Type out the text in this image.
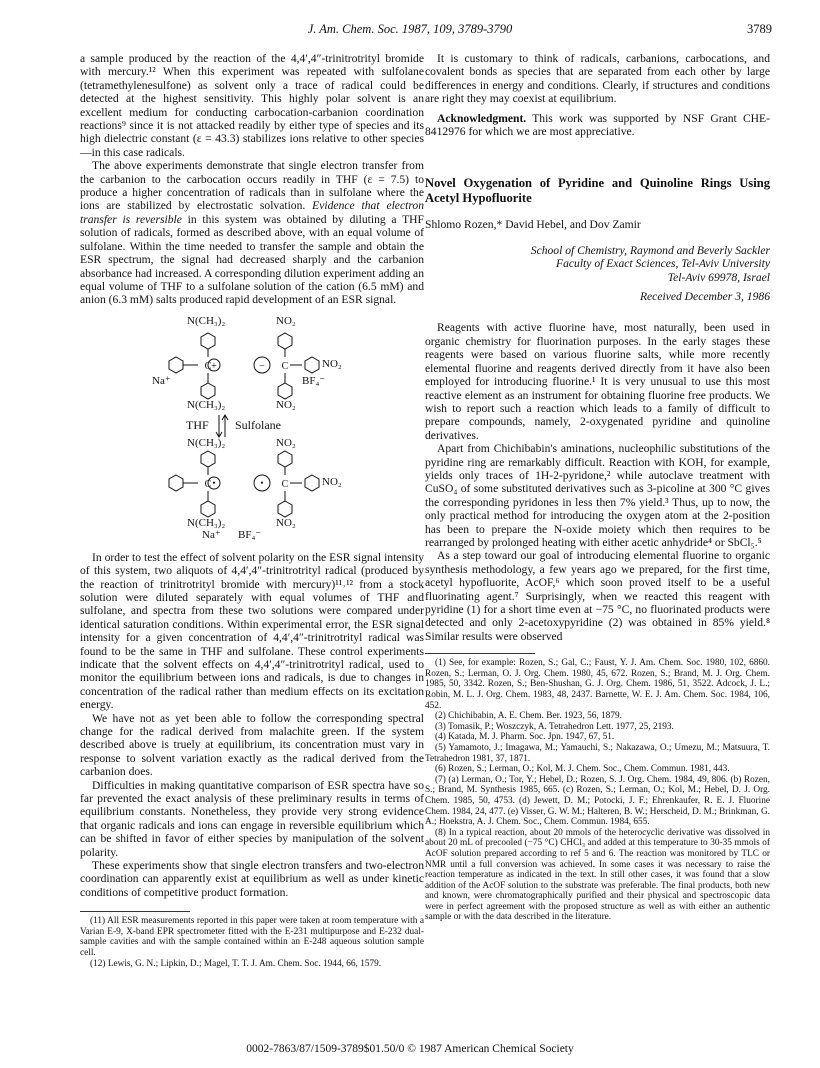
J. Am. Chem. Soc. 1987, 109, 3789-3790	3789

a sample produced by the reaction of the 4,4′,4″-trinitrotrityl bromide with mercury.¹² When this experiment was repeated with sulfolane (tetramethylenesulfone) as solvent only a trace of radical could be detected at the highest sensitivity. This highly polar solvent is an excellent medium for conducting carbocation-carbanion coordination reactions⁹ since it is not attacked readily by either type of species and its high dielectric constant (ε = 43.3) stabilizes ions relative to other species—in this case radicals.

The above experiments demonstrate that single electron transfer from the carbanion to the carbocation occurs readily in THF (ε = 7.5) to produce a higher concentration of radicals than in sulfolane where the ions are stabilized by electrostatic solvation. Evidence that electron transfer is reversible in this system was obtained by diluting a THF solution of radicals, formed as described above, with an equal volume of sulfolane. Within the time needed to transfer the sample and obtain the ESR spectrum, the signal had decreased sharply and the carbanion absorbance had increased. A corresponding dilution experiment adding an equal volume of THF to a sulfolane solution of the cation (6.5 mM) and anion (6.3 mM) salts produced rapid development of an ESR signal.

C +	C
−
C •	C
•
N(CH₃)₂	NO₂
NO₂
Na⁺	BF₄⁻
N(CH₃)₂	NO₂
THF Sulfolane
N(CH₃)₂	NO₂
NO₂
N(CH₃)₂	NO₂
Na⁺ BF₄⁻

In order to test the effect of solvent polarity on the ESR signal intensity of this system, two aliquots of 4,4′,4″-trinitrotrityl radical (produced by the reaction of trinitrotrityl bromide with mercury)¹¹˒¹² from a stock solution were diluted separately with equal volumes of THF and sulfolane, and spectra from these two solutions were compared under identical saturation conditions. Within experimental error, the ESR signal intensity for a given concentration of 4,4′,4″-trinitrotrityl radical was found to be the same in THF and sulfolane. These control experiments indicate that the solvent effects on 4,4′,4″-trinitrotrityl radical, used to monitor the equilibrium between ions and radicals, is due to changes in concentration of the radical rather than medium effects on its excitation energy.

We have not as yet been able to follow the corresponding spectral change for the radical derived from malachite green. If the system described above is truely at equilibrium, its concentration must vary in response to solvent variation exactly as the radical derived from the carbanion does.

Difficulties in making quantitative comparison of ESR spectra have so far prevented the exact analysis of these preliminary results in terms of equilibrium constants. Nonetheless, they provide very strong evidence that organic radicals and ions can engage in reversible equilibrium which can be shifted in favor of either species by manipulation of the solvent polarity.

These experiments show that single electron transfers and two-electron coordination can apparently exist at equilibrium as well as under kinetic conditions of competitive product formation.

(11) All ESR measurements reported in this paper were taken at room temperature with a Varian E-9, X-band EPR spectrometer fitted with the E-231 multipurpose and E-232 dual-sample cavities and with the sample contained within an E-248 aqueous solution sample cell.

(12) Lewis, G. N.; Lipkin, D.; Magel, T. T. J. Am. Chem. Soc. 1944, 66, 1579.

It is customary to think of radicals, carbanions, carbocations, and covalent bonds as species that are separated from each other by large differences in energy and conditions. Clearly, if structures and conditions are right they may coexist at equilibrium.

Acknowledgment. This work was supported by NSF Grant CHE-8412976 for which we are most appreciative.

Novel Oxygenation of Pyridine and Quinoline Rings Using Acetyl Hypofluorite

Shlomo Rozen,* David Hebel, and Dov Zamir

School of Chemistry, Raymond and Beverly Sackler
Faculty of Exact Sciences, Tel-Aviv University
Tel-Aviv 69978, Israel

Received December 3, 1986

Reagents with active fluorine have, most naturally, been used in organic chemistry for fluorination purposes. In the early stages these reagents were based on various fluorine salts, while more recently elemental fluorine and reagents derived directly from it have also been employed for introducing fluorine.¹ It is very unusual to use this most reactive element as an instrument for obtaining fluorine free products. We wish to report such a reaction which leads to a family of difficult to prepare compounds, namely, 2-oxygenated pyridine and quinoline derivatives.

Apart from Chichibabin's aminations, nucleophilic substitutions of the pyridine ring are remarkably difficult. Reaction with KOH, for example, yields only traces of 1H-2-pyridone,² while autoclave treatment with CuSO₄ of some substituted derivatives such as 3-picoline at 300 °C gives the corresponding pyridones in less then 7% yield.³ Thus, up to now, the only practical method for introducing the oxygen atom at the 2-position has been to prepare the N-oxide moiety which then requires to be rearranged by prolonged heating with either acetic anhydride⁴ or SbCl₅.⁵

As a step toward our goal of introducing elemental fluorine to organic synthesis methodology, a few years ago we prepared, for the first time, acetyl hypofluorite, AcOF,⁶ which soon proved itself to be a useful fluorinating agent.⁷ Surprisingly, when we reacted this reagent with pyridine (1) for a short time even at −75 °C, no fluorinated products were detected and only 2-acetoxypyridine (2) was obtained in 85% yield.⁸ Similar results were observed

(1) See, for example: Rozen, S.; Gal, C.; Faust, Y. J. Am. Chem. Soc. 1980, 102, 6860. Rozen, S.; Lerman, O. J. Org. Chem. 1980, 45, 672. Rozen, S.; Brand, M. J. Org. Chem. 1985, 50, 3342. Rozen, S.; Ben-Shushan, G. J. Org. Chem. 1986, 51, 3522. Adcock, J. L.; Robin, M. L. J. Org. Chem. 1983, 48, 2437. Barnette, W. E. J. Am. Chem. Soc. 1984, 106, 452.

(2) Chichibabin, A. E. Chem. Ber. 1923, 56, 1879.

(3) Tomasik, P.; Woszczyk, A. Tetrahedron Lett. 1977, 25, 2193.

(4) Katada, M. J. Pharm. Soc. Jpn. 1947, 67, 51.

(5) Yamamoto, J.; Imagawa, M.; Yamauchi, S.; Nakazawa, O.; Umezu, M.; Matsuura, T. Tetrahedron 1981, 37, 1871.

(6) Rozen, S.; Lerman, O.; Kol, M. J. Chem. Soc., Chem. Commun. 1981, 443.

(7) (a) Lerman, O.; Tor, Y.; Hebel, D.; Rozen, S. J. Org. Chem. 1984, 49, 806. (b) Rozen, S.; Brand, M. Synthesis 1985, 665. (c) Rozen, S.; Lerman, O.; Kol, M.; Hebel, D. J. Org. Chem. 1985, 50, 4753. (d) Jewett, D. M.; Potocki, J. F.; Ehrenkaufer, R. E. J. Fluorine Chem. 1984, 24, 477. (e) Visser, G. W. M.; Halteren, B. W.; Herscheid, D. M.; Brinkman, G. A.; Hoekstra, A. J. Chem. Soc., Chem. Commun. 1984, 655.

(8) In a typical reaction, about 20 mmols of the heterocyclic derivative was dissolved in about 20 mL of precooled (−75 °C) CHCl₃ and added at this temperature to 30-35 mmols of AcOF solution prepared according to ref 5 and 6. The reaction was monitored by TLC or NMR until a full conversion was achieved. In some cases it was necessary to raise the reaction temperature as indicated in the text. In still other cases, it was found that a slow addition of the AcOF solution to the substrate was preferable. The final products, both new and known, were chromatographically purified and their physical and spectroscopic data were in perfect agreement with the proposed structure as well as with either an authentic sample or with the data described in the literature.

0002-7863/87/1509-3789$01.50/0 © 1987 American Chemical Society
